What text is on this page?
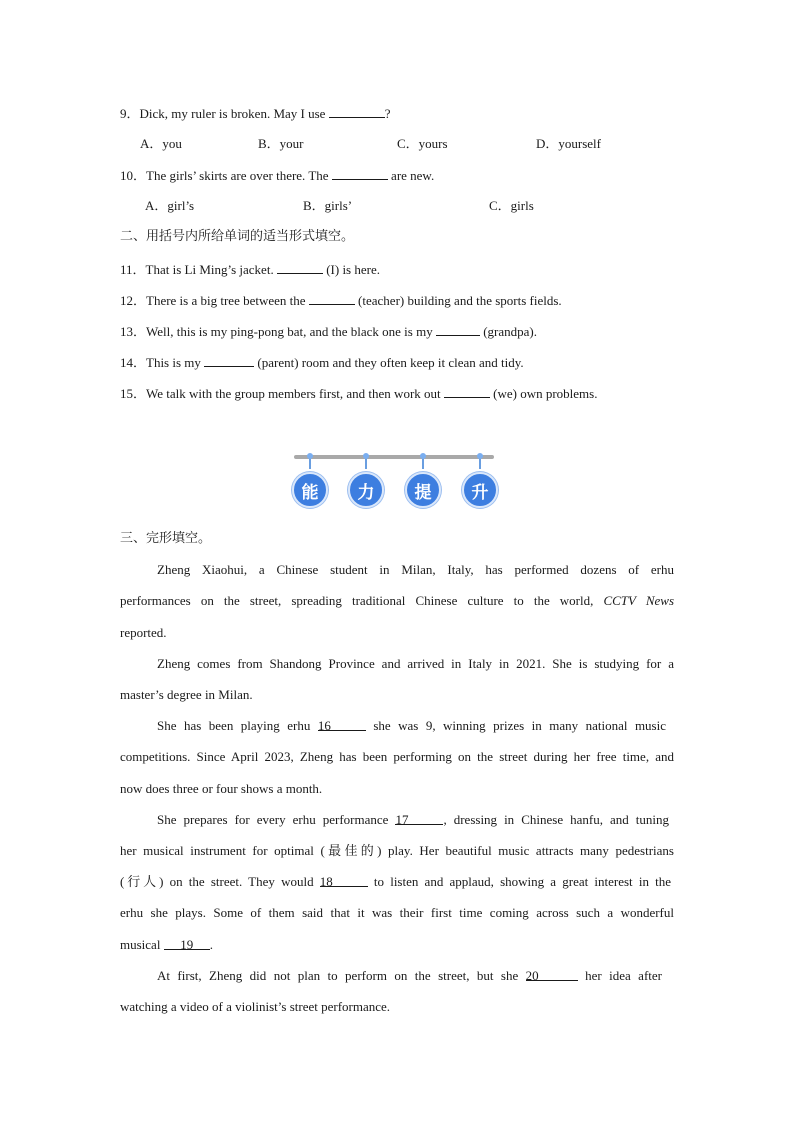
9．Dick, my ruler is broken. May I use	?
A．you	B．your	C．yours	D．yourself
10．The girls’ skirts are over there. The	are new.
A．girl’s	B．girls’	C．girls
二、用括号内所给单词的适当形式填空。
11．That is Li Ming’s jacket.	(I) is here.
12．There is a big tree between the	(teacher) building and the sports fields.
13．Well, this is my ping-pong bat, and the black one is my	(grandpa).
14．This is my	(parent) room and they often keep it clean and tidy.
15．We talk with the group members first, and then work out	(we) own problems.
能	力	提	升
三、完形填空。
Zheng Xiaohui, a Chinese student in Milan, Italy, has performed dozens of erhu
performances on the street, spreading traditional Chinese culture to the world, CCTV News
reported.
Zheng comes from Shandong Province and arrived in Italy in 2021. She is studying for a
master’s degree in Milan.
She has been playing erhu 16	she was 9, winning prizes in many national music
competitions. Since April 2023, Zheng has been performing on the street during her free time, and
now does three or four shows a month.
She prepares for every erhu performance 17	, dressing in Chinese hanfu, and tuning
her musical instrument for optimal (最佳的) play. Her beautiful music attracts many pedestrians
(行人) on the street. They would 18	to listen and applaud, showing a great interest in the
erhu she plays. Some of them said that it was their first time coming across such a wonderful
musical 19 .
At first, Zheng did not plan to perform on the street, but she 20	her idea after
watching a video of a violinist’s street performance.
